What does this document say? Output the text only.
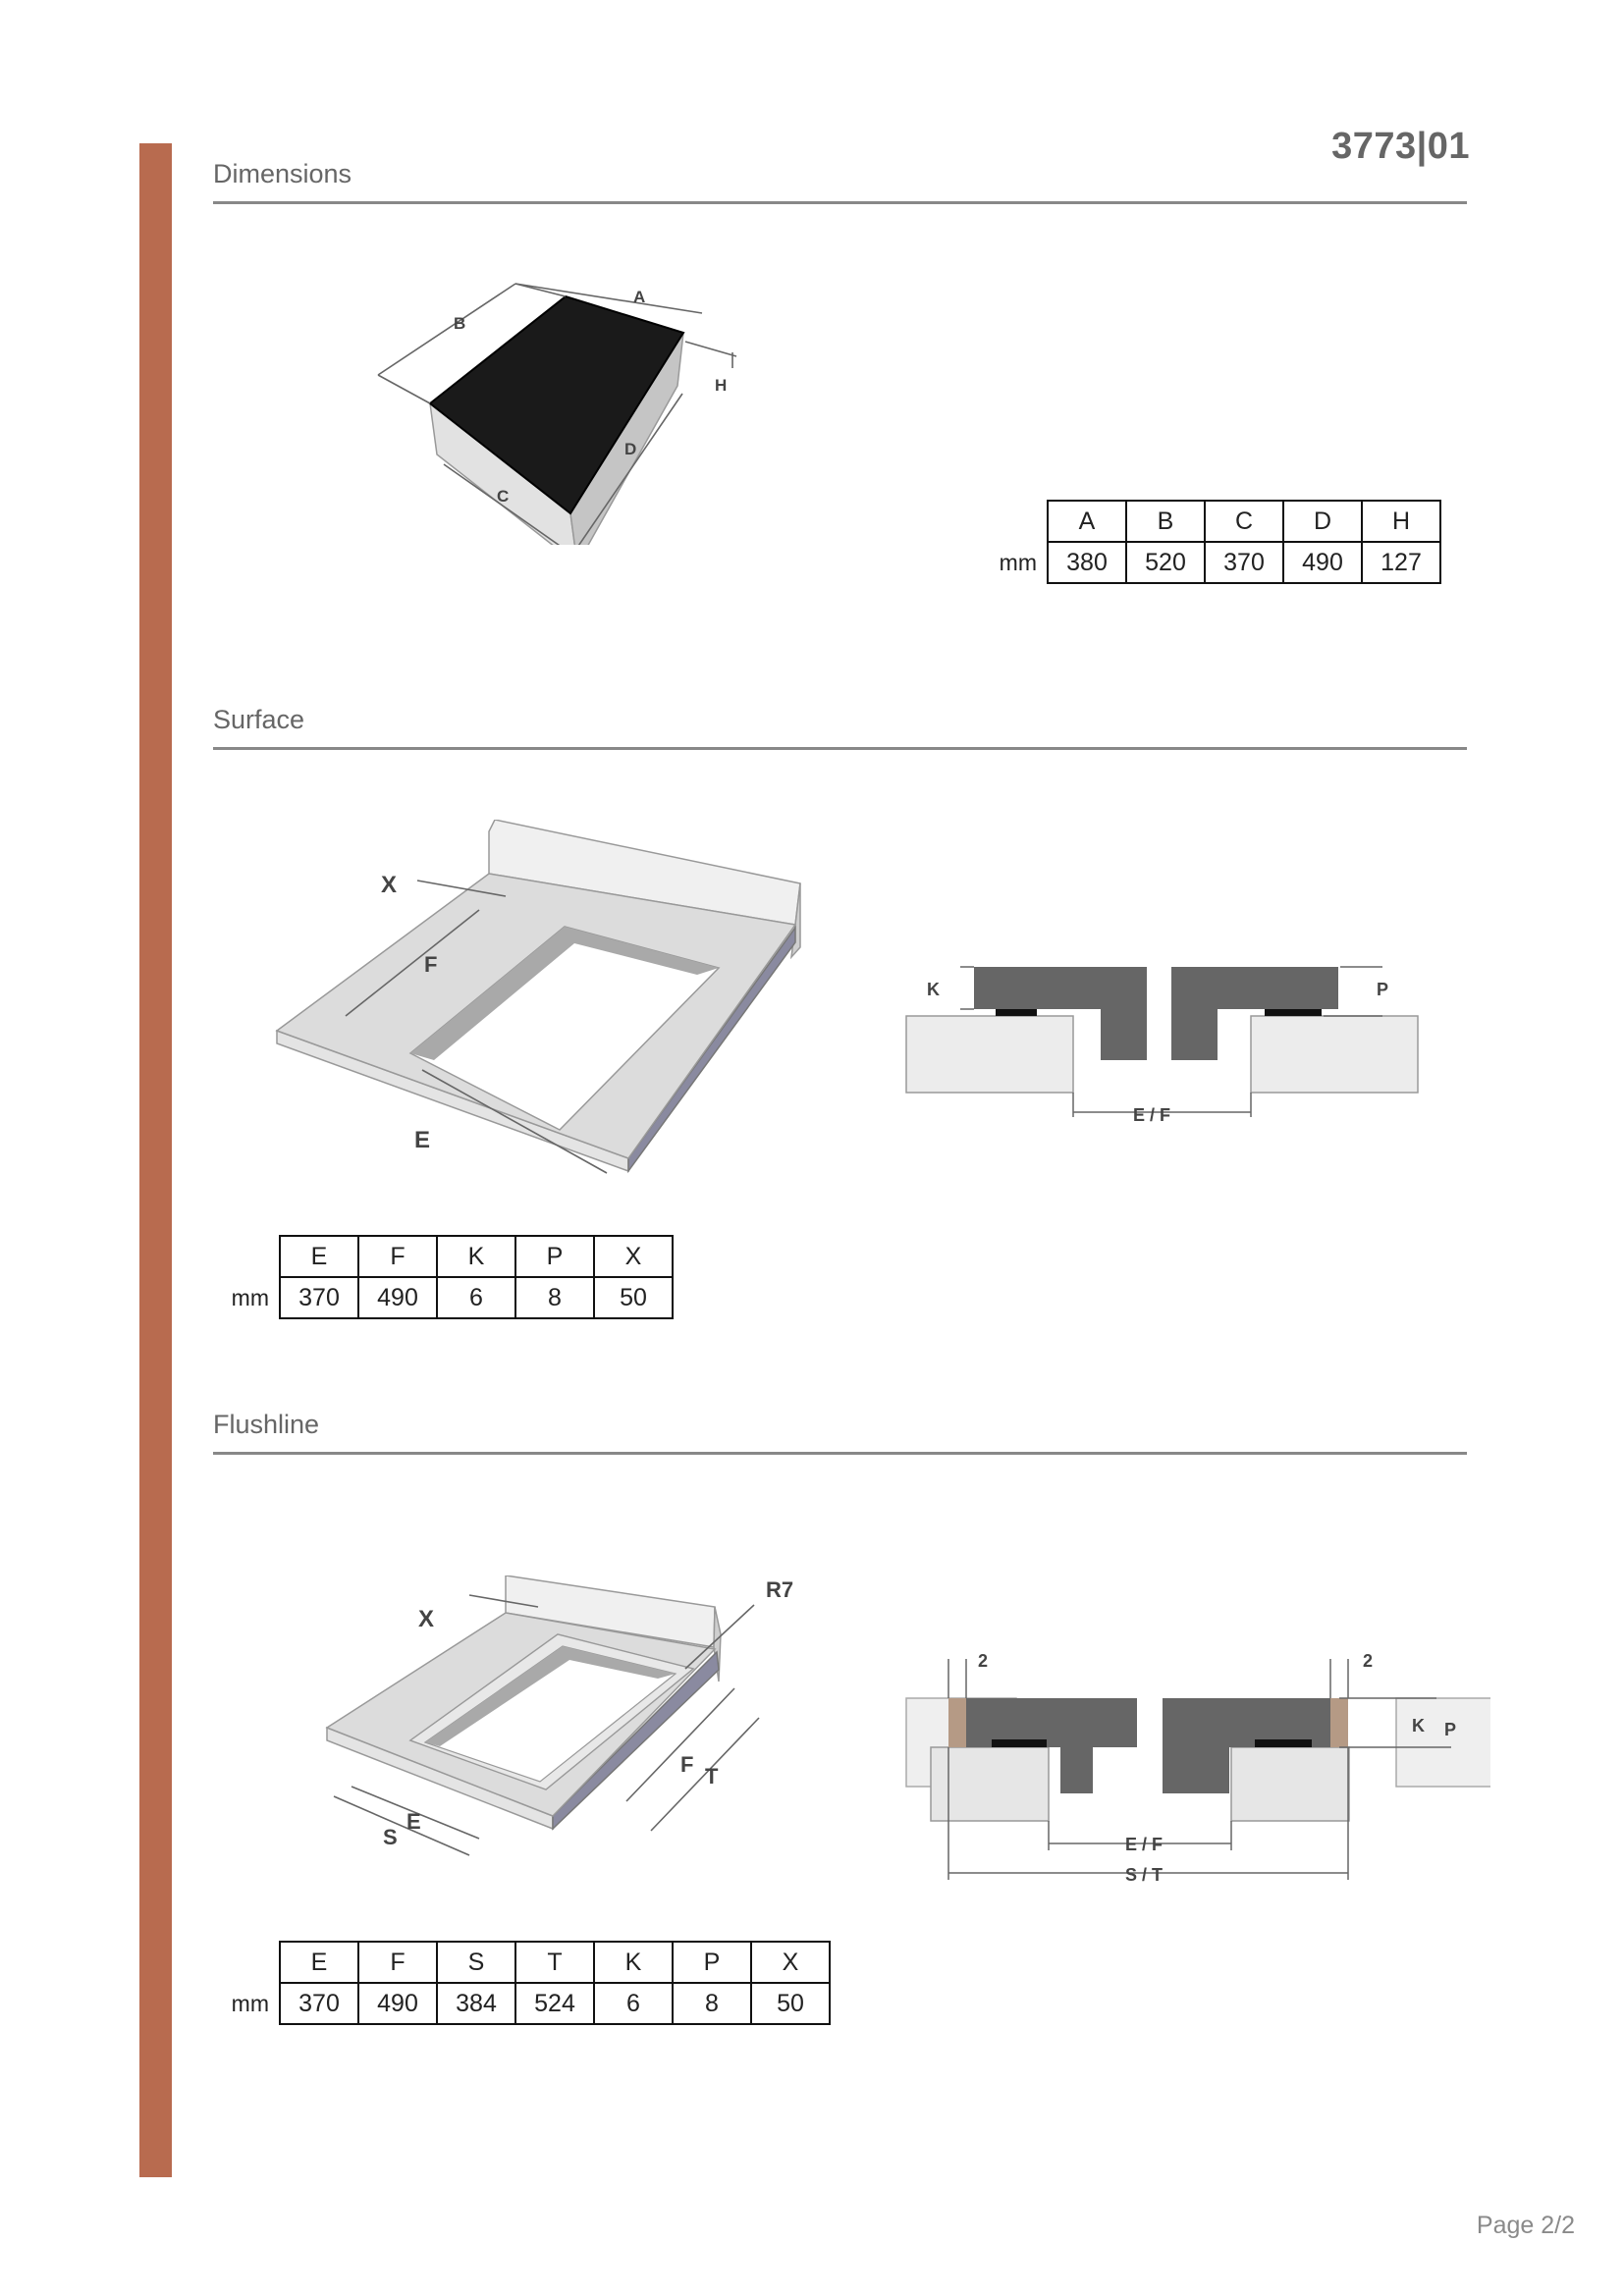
3773|01
Dimensions
B
A
H
D
C
	A	B	C	D	H
mm	380	520	370	490	127
Surface
X
F
E
K	P
E / F
	E	F	K	P	X
mm	370	490	6	8	50
Flushline
X
R7
F T
S
E
2	2
K P
E / F
S / T
	E	F	S	T	K	P	X
mm	370	490	384	524	6	8	50
Page 2/2
